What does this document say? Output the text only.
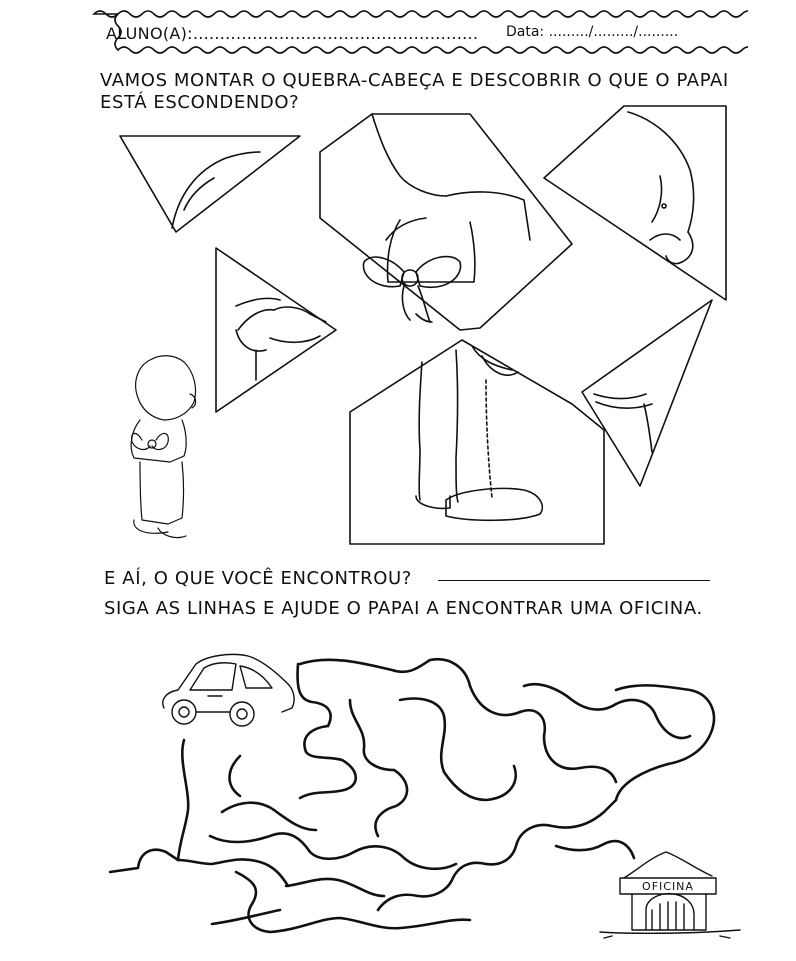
ALUNO(A):..................................................... Data: ........./........./.........
VAMOS MONTAR O QUEBRA-CABEÇA E DESCOBRIR O QUE O PAPAI
ESTÁ ESCONDENDO?
E AÍ, O QUE VOCÊ ENCONTROU?
SIGA AS LINHAS E AJUDE O PAPAI A ENCONTRAR UMA OFICINA.
OFICINA
